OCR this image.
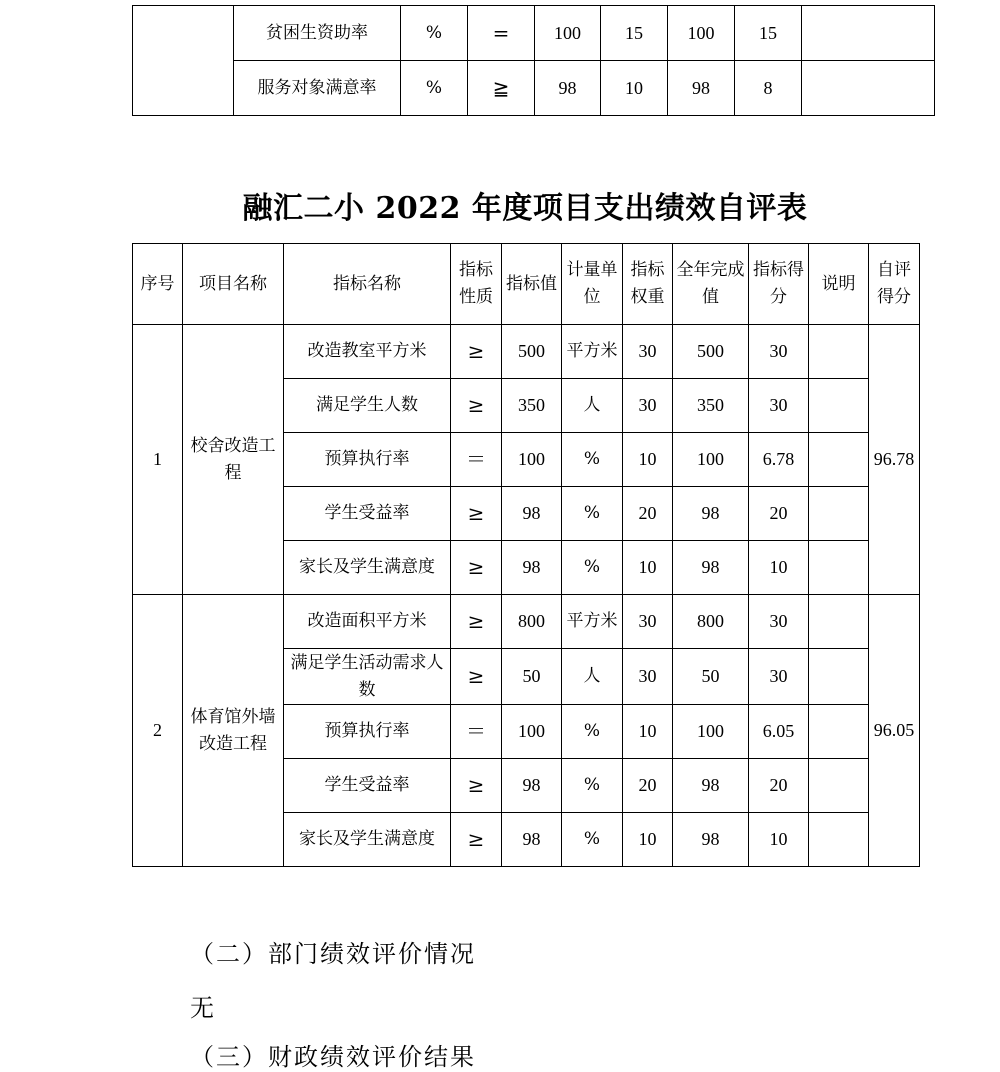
	贫困生资助率	%	=	100	15	100	15	
	服务对象满意率	%	≧	98	10	98	8	
融汇二小 2022 年度项目支出绩效自评表
序号	项目名称	指标名称	指标性质	指标值	计量单位	指标权重	全年完成值	指标得分	说明	自评得分
1	校舍改造工程	改造教室平方米	≥	500	平方米	30	500	30		96.78
		满足学生人数	≥	350	人	30	350	30		
		预算执行率	＝	100	%	10	100	6.78		
		学生受益率	≥	98	%	20	98	20		
		家长及学生满意度	≥	98	%	10	98	10		
2	体育馆外墙改造工程	改造面积平方米	≥	800	平方米	30	800	30		96.05
		满足学生活动需求人数	≥	50	人	30	50	30		
		预算执行率	＝	100	%	10	100	6.05		
		学生受益率	≥	98	%	20	98	20		
		家长及学生满意度	≥	98	%	10	98	10		
（二）部门绩效评价情况
无
（三）财政绩效评价结果
